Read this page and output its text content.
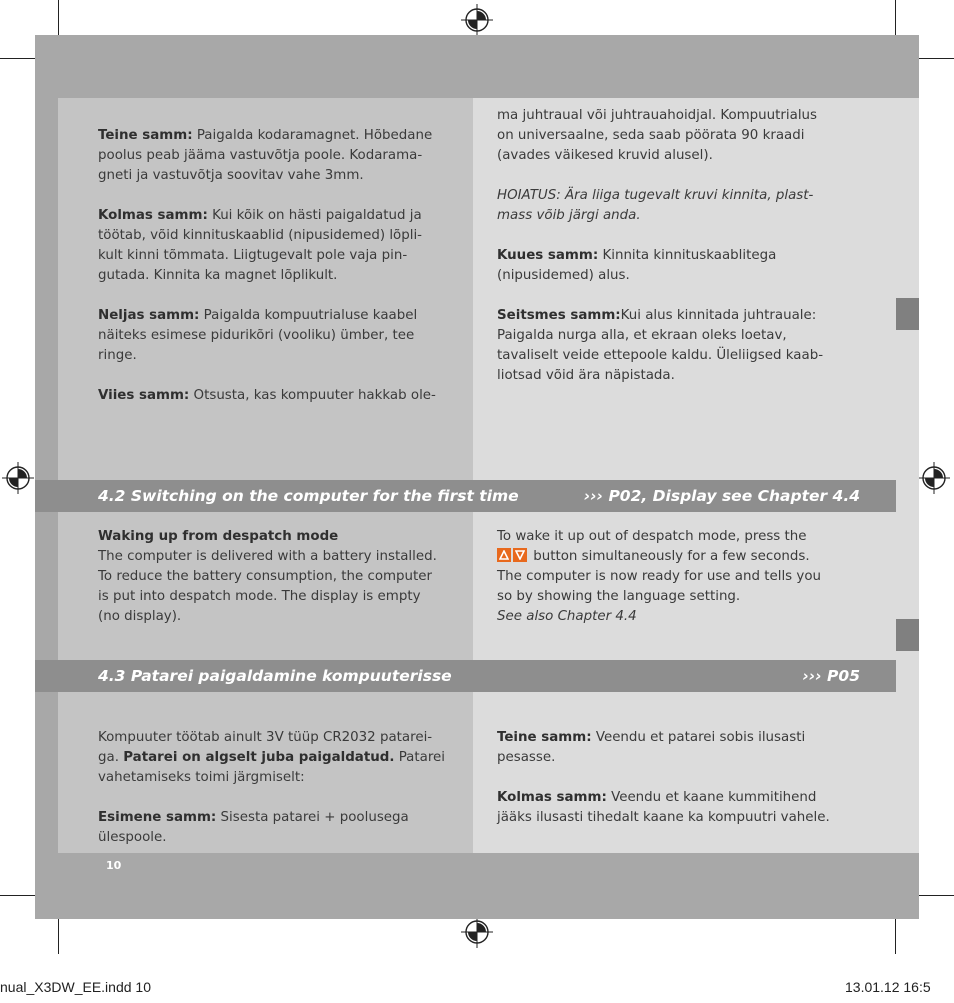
Teine samm: Paigalda kodaramagnet. Hõbedane

poolus peab jääma vastuvõtja poole. Kodarama-

gneti ja vastuvõtja soovitav vahe 3mm.

Kolmas samm: Kui kõik on hästi paigaldatud ja

töötab, võid kinnituskaablid (nipusidemed) lõpli-

kult kinni tõmmata. Liigtugevalt pole vaja pin-

gutada. Kinnita ka magnet lõplikult.

Neljas samm: Paigalda kompuutrialuse kaabel

näiteks esimese pidurikõri (vooliku) ümber, tee

ringe.

Viies samm: Otsusta, kas kompuuter hakkab ole-

ma juhtraual või juhtrauahoidjal. Kompuutrialus

on universaalne, seda saab pöörata 90 kraadi

(avades väikesed kruvid alusel).

HOIATUS: Ära liiga tugevalt kruvi kinnita, plast-

mass võib järgi anda.

Kuues samm: Kinnita kinnituskaablitega

(nipusidemed) alus.

Seitsmes samm:Kui alus kinnitada juhtrauale:

Paigalda nurga alla, et ekraan oleks loetav,

tavaliselt veide ettepoole kaldu. Üleliigsed kaab-

liotsad võid ära näpistada.

4.2 Switching on the computer for the first time	››› P02, Display see Chapter 4.4

Waking up from despatch mode

The computer is delivered with a battery installed.

To reduce the battery consumption, the computer

is put into despatch mode. The display is empty

(no display).

To wake it up out of despatch mode, press the

button simultaneously for a few seconds.

The computer is now ready for use and tells you

so by showing the language setting.

See also Chapter 4.4

4.3 Patarei paigaldamine kompuuterisse	››› P05

Kompuuter töötab ainult 3V tüüp CR2032 patarei-

ga. Patarei on algselt juba paigaldatud. Patarei

vahetamiseks toimi järgmiselt:

Esimene samm: Sisesta patarei + poolusega

ülespoole.

Teine samm: Veendu et patarei sobis ilusasti

pesasse.

Kolmas samm: Veendu et kaane kummitihend

jääks ilusasti tihedalt kaane ka kompuutri vahele.

10
nual_X3DW_EE.indd 10	13.01.12 16:5
